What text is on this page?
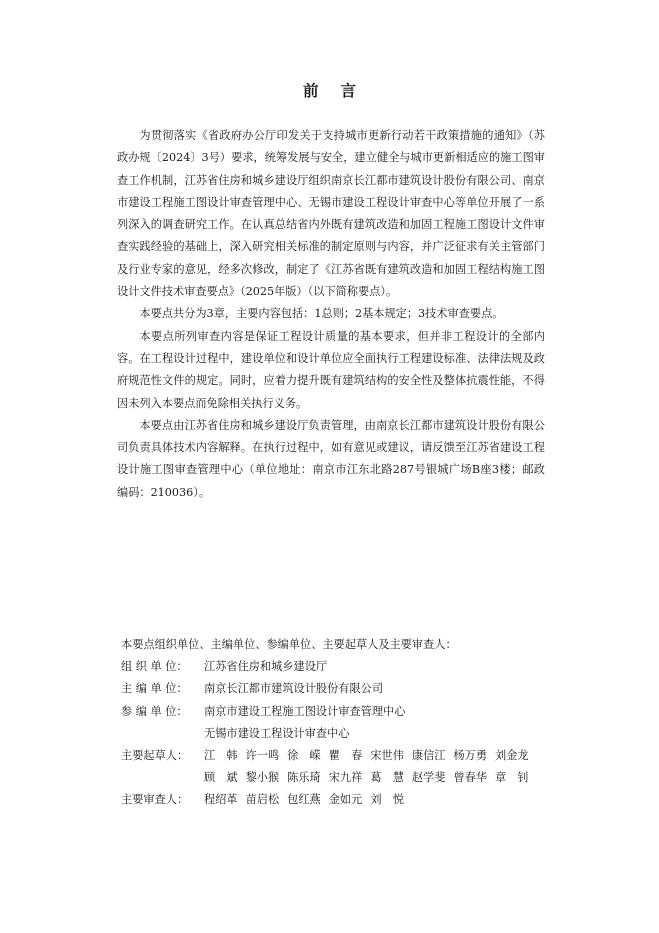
前 言

为贯彻落实《省政府办公厅印发关于支持城市更新行动若干政策措施的通知》（苏政办规〔2024〕3号）要求，统筹发展与安全，建立健全与城市更新相适应的施工图审查工作机制，江苏省住房和城乡建设厅组织南京长江都市建筑设计股份有限公司、南京市建设工程施工图设计审查管理中心、无锡市建设工程设计审查中心等单位开展了一系列深入的调查研究工作。在认真总结省内外既有建筑改造和加固工程施工图设计文件审查实践经验的基础上，深入研究相关标准的制定原则与内容，并广泛征求有关主管部门及行业专家的意见，经多次修改，制定了《江苏省既有建筑改造和加固工程结构施工图设计文件技术审查要点》（2025年版）（以下简称要点）。

本要点共分为3章，主要内容包括：1总则；2基本规定；3技术审查要点。

本要点所列审查内容是保证工程设计质量的基本要求，但并非工程设计的全部内容。在工程设计过程中，建设单位和设计单位应全面执行工程建设标准、法律法规及政府规范性文件的规定。同时，应着力提升既有建筑结构的安全性及整体抗震性能，不得因未列入本要点而免除相关执行义务。

本要点由江苏省住房和城乡建设厅负责管理，由南京长江都市建筑设计股份有限公司负责具体技术内容解释。在执行过程中，如有意见或建议，请反馈至江苏省建设工程设计施工图审查管理中心（单位地址：南京市江东北路287号银城广场B座3楼；邮政编码：210036）。

本要点组织单位、主编单位、参编单位、主要起草人及主要审查人：
组 织 单 位：	江苏省住房和城乡建设厅
主 编 单 位：	南京长江都市建筑设计股份有限公司
参 编 单 位：	南京市建设工程施工图设计审查管理中心
无锡市建设工程设计审查中心
主要起草人：	江　韩 许一鸣 徐　嵘 瞿　春 宋世伟 康信江 杨万勇 刘金龙
顾　斌 黎小猴 陈乐琦 宋九祥 葛　慧 赵学斐 曾春华 章　钊
主要审查人：	程绍革 苗启松 包红燕 金如元 刘　悦
